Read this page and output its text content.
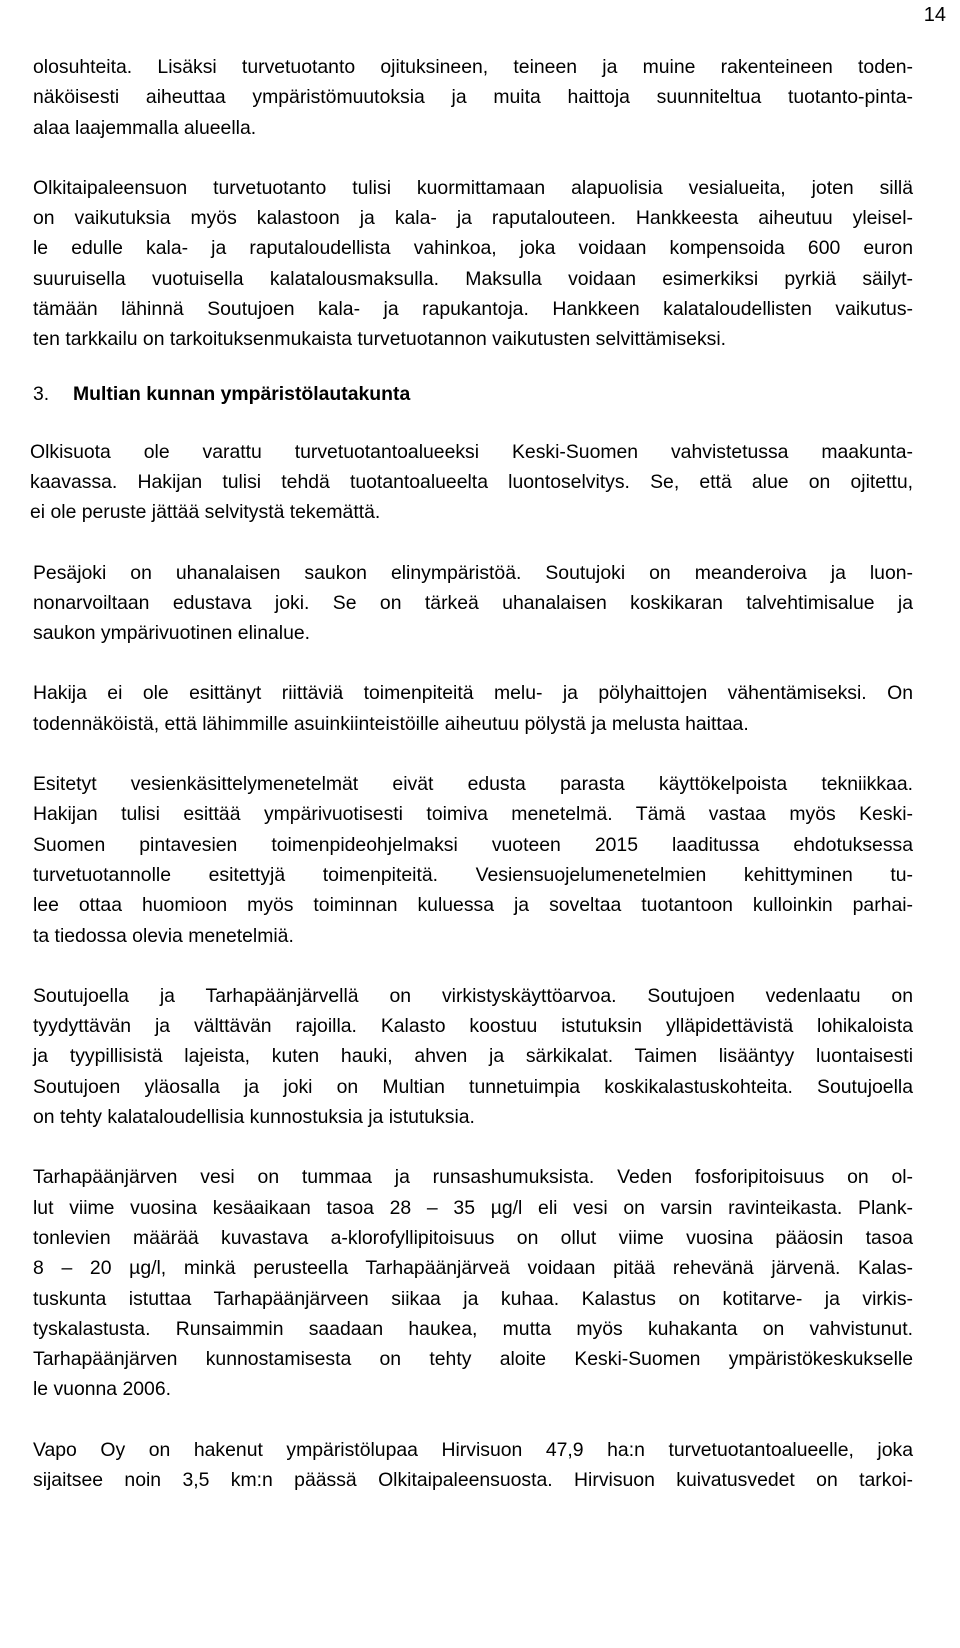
14
olosuhteita. Lisäksi turvetuotanto ojituksineen, teineen ja muine rakenteineen toden-
näköisesti aiheuttaa ympäristömuutoksia ja muita haittoja suunniteltua tuotanto-pinta-
alaa laajemmalla alueella.
Olkitaipaleensuon turvetuotanto tulisi kuormittamaan alapuolisia vesialueita, joten sillä
on vaikutuksia myös kalastoon ja kala- ja raputalouteen. Hankkeesta aiheutuu yleisel-
le edulle kala- ja raputaloudellista vahinkoa, joka voidaan kompensoida 600 euron
suuruisella vuotuisella kalatalousmaksulla. Maksulla voidaan esimerkiksi pyrkiä säilyt-
tämään lähinnä Soutujoen kala- ja rapukantoja. Hankkeen kalataloudellisten vaikutus-
ten tarkkailu on tarkoituksenmukaista turvetuotannon vaikutusten selvittämiseksi.
3. Multian kunnan ympäristölautakunta
Olkisuota ole varattu turvetuotantoalueeksi Keski-Suomen vahvistetussa maakunta-
kaavassa. Hakijan tulisi tehdä tuotantoalueelta luontoselvitys. Se, että alue on ojitettu,
ei ole peruste jättää selvitystä tekemättä.
Pesäjoki on uhanalaisen saukon elinympäristöä. Soutujoki on meanderoiva ja luon-
nonarvoiltaan edustava joki. Se on tärkeä uhanalaisen koskikaran talvehtimisalue ja
saukon ympärivuotinen elinalue.
Hakija ei ole esittänyt riittäviä toimenpiteitä melu- ja pölyhaittojen vähentämiseksi. On
todennäköistä, että lähimmille asuinkiinteistöille aiheutuu pölystä ja melusta haittaa.
Esitetyt vesienkäsittelymenetelmät eivät edusta parasta käyttökelpoista tekniikkaa.
Hakijan tulisi esittää ympärivuotisesti toimiva menetelmä. Tämä vastaa myös Keski-
Suomen pintavesien toimenpideohjelmaksi vuoteen 2015 laaditussa ehdotuksessa
turvetuotannolle esitettyjä toimenpiteitä. Vesiensuojelumenetelmien kehittyminen tu-
lee ottaa huomioon myös toiminnan kuluessa ja soveltaa tuotantoon kulloinkin parhai-
ta tiedossa olevia menetelmiä.
Soutujoella ja Tarhapäänjärvellä on virkistyskäyttöarvoa. Soutujoen vedenlaatu on
tyydyttävän ja välttävän rajoilla. Kalasto koostuu istutuksin ylläpidettävistä lohikaloista
ja tyypillisistä lajeista, kuten hauki, ahven ja särkikalat. Taimen lisääntyy luontaisesti
Soutujoen yläosalla ja joki on Multian tunnetuimpia koskikalastuskohteita. Soutujoella
on tehty kalataloudellisia kunnostuksia ja istutuksia.
Tarhapäänjärven vesi on tummaa ja runsashumuksista. Veden fosforipitoisuus on ol-
lut viime vuosina kesäaikaan tasoa 28 – 35 µg/l eli vesi on varsin ravinteikasta. Plank-
tonlevien määrää kuvastava a-klorofyllipitoisuus on ollut viime vuosina pääosin tasoa
8 – 20 µg/l, minkä perusteella Tarhapäänjärveä voidaan pitää rehevänä järvenä. Kalas-
tuskunta istuttaa Tarhapäänjärveen siikaa ja kuhaa. Kalastus on kotitarve- ja virkis-
tyskalastusta. Runsaimmin saadaan haukea, mutta myös kuhakanta on vahvistunut.
Tarhapäänjärven kunnostamisesta on tehty aloite Keski-Suomen ympäristökeskukselle
le vuonna 2006.
Vapo Oy on hakenut ympäristölupaa Hirvisuon 47,9 ha:n turvetuotantoalueelle, joka
sijaitsee noin 3,5 km:n päässä Olkitaipaleensuosta. Hirvisuon kuivatusvedet on tarkoi-
